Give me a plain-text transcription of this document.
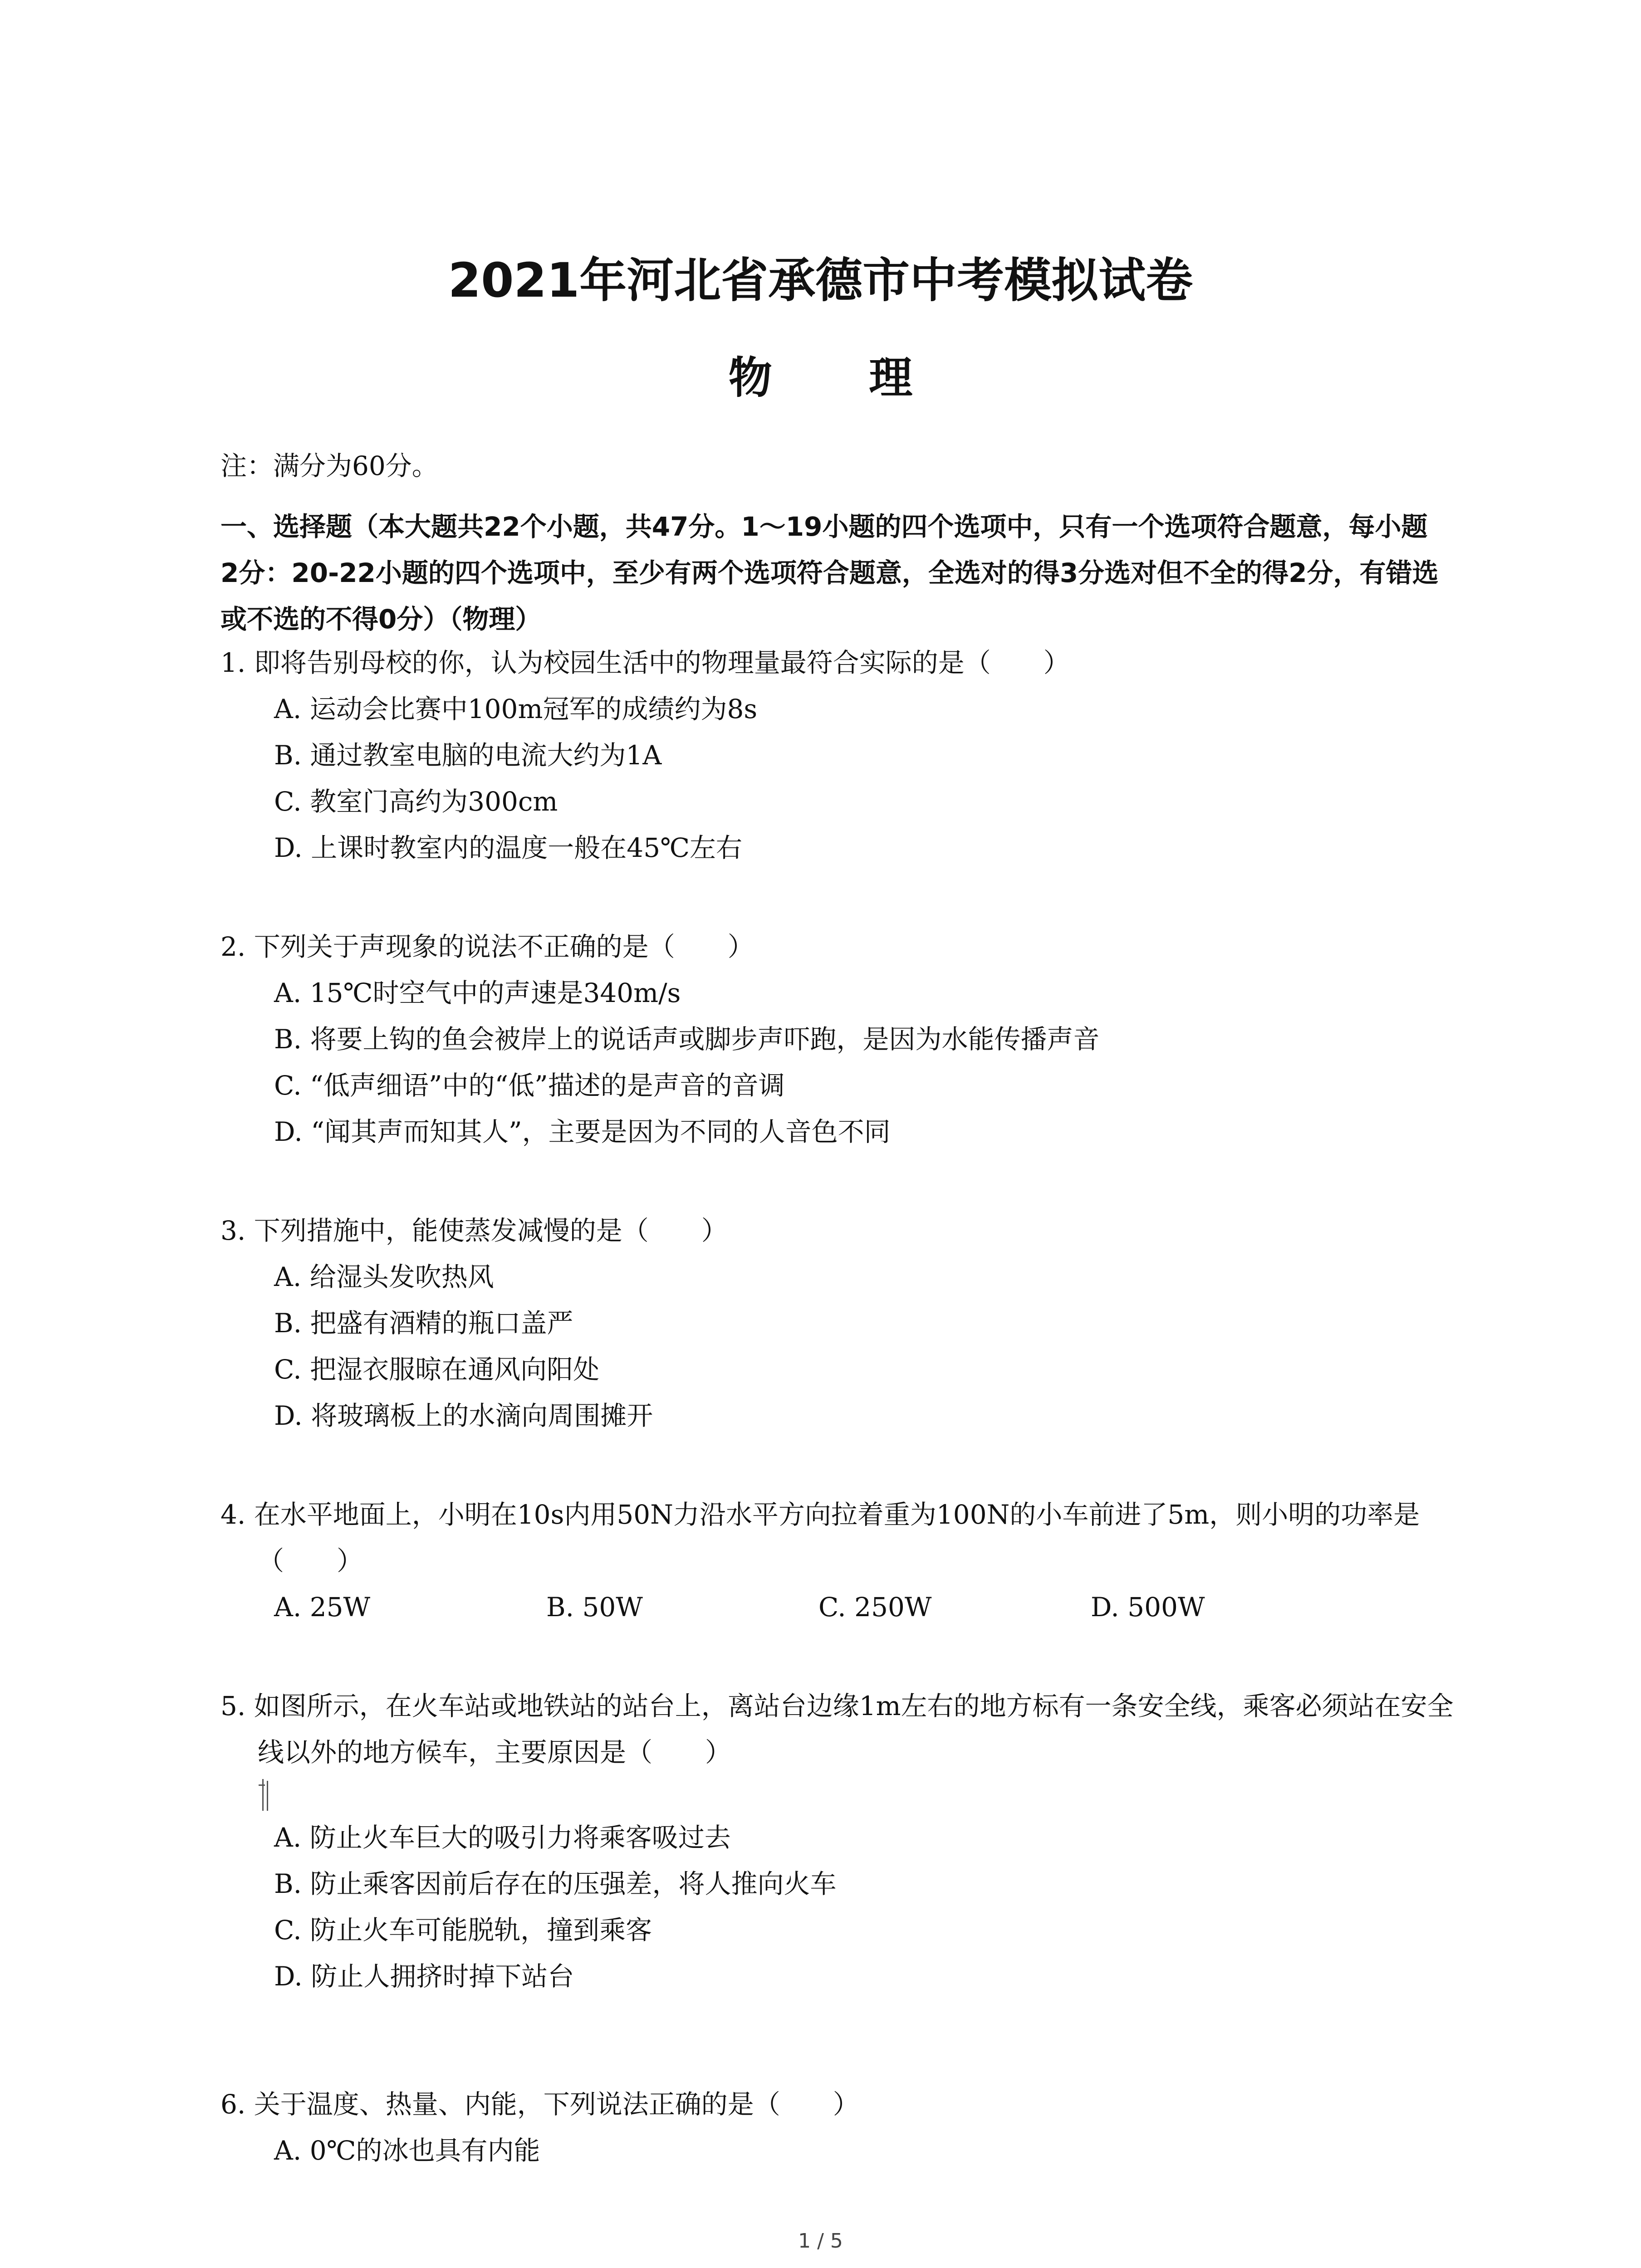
2021年河北省承德市中考模拟试卷
物 理
注：满分为60分。

一、选择题（本大题共22个小题，共47分。1～19小题的四个选项中，只有一个选项符合题意，每小题2分：20-22小题的四个选项中，至少有两个选项符合题意，全选对的得3分选对但不全的得2分，有错选或不选的不得0分）（物理）

1. 即将告别母校的你，认为校园生活中的物理量最符合实际的是（　　）

A. 运动会比赛中100m冠军的成绩约为8s
B. 通过教室电脑的电流大约为1A
C. 教室门高约为300cm
D. 上课时教室内的温度一般在45℃左右

2. 下列关于声现象的说法不正确的是（　　）

A. 15℃时空气中的声速是340m/s
B. 将要上钩的鱼会被岸上的说话声或脚步声吓跑，是因为水能传播声音
C. “低声细语”中的“低”描述的是声音的音调
D. “闻其声而知其人”，主要是因为不同的人音色不同

3. 下列措施中，能使蒸发减慢的是（　　）

A. 给湿头发吹热风
B. 把盛有酒精的瓶口盖严
C. 把湿衣服晾在通风向阳处
D. 将玻璃板上的水滴向周围摊开

4. 在水平地面上，小明在10s内用50N力沿水平方向拉着重为100N的小车前进了5m，则小明的功率是（　　）

A. 25W	B. 50W	C. 250W	D. 500W

5. 如图所示，在火车站或地铁站的站台上，离站台边缘1m左右的地方标有一条安全线，乘客必须站在安全线以外的地方候车，主要原因是（　　）

A. 防止火车巨大的吸引力将乘客吸过去
B. 防止乘客因前后存在的压强差，将人推向火车
C. 防止火车可能脱轨，撞到乘客
D. 防止人拥挤时掉下站台

6. 关于温度、热量、内能，下列说法正确的是（　　）

A. 0℃的冰也具有内能
1 / 5
